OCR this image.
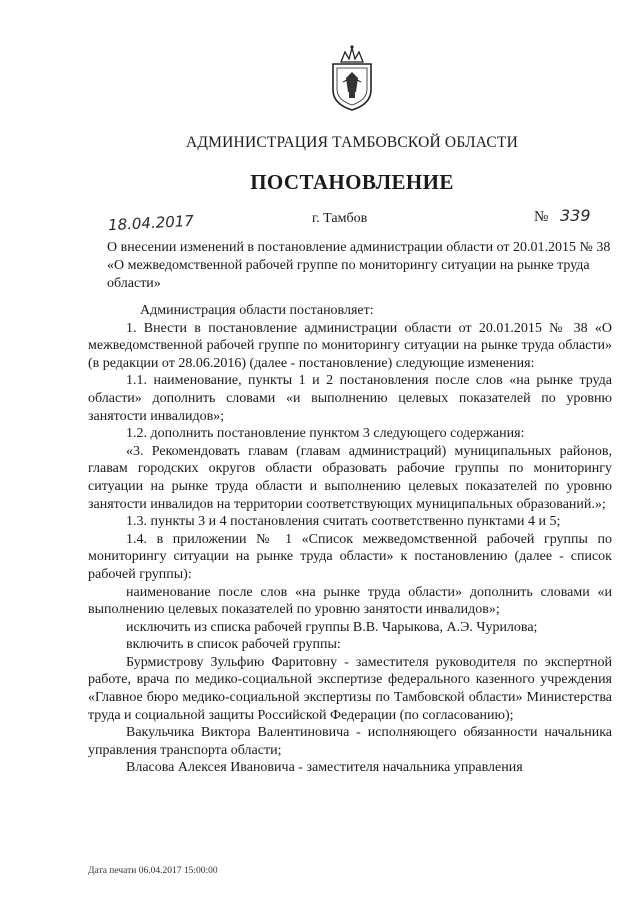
АДМИНИСТРАЦИЯ ТАМБОВСКОЙ ОБЛАСТИ
ПОСТАНОВЛЕНИЕ
18.04.2017	г. Тамбов	№ 339
О внесении изменений в постановление администрации области от 20.01.2015 № 38 «О межведомственной рабочей группе по мониторингу ситуации на рынке труда области»

Администрация области постановляет:

1. Внести в постановление администрации области от 20.01.2015 № 38 «О межведомственной рабочей группе по мониторингу ситуации на рынке труда области» (в редакции от 28.06.2016) (далее - постановление) следующие изменения:

1.1. наименование, пункты 1 и 2 постановления после слов «на рынке труда области» дополнить словами «и выполнению целевых показателей по уровню занятости инвалидов»;

1.2. дополнить постановление пунктом 3 следующего содержания:

«3. Рекомендовать главам (главам администраций) муниципальных районов, главам городских округов области образовать рабочие группы по мониторингу ситуации на рынке труда области и выполнению целевых показателей по уровню занятости инвалидов на территории соответствующих муниципальных образований.»;

1.3. пункты 3 и 4 постановления считать соответственно пунктами 4 и 5;

1.4. в приложении № 1 «Список межведомственной рабочей группы по мониторингу ситуации на рынке труда области» к постановлению (далее - список рабочей группы):

наименование после слов «на рынке труда области» дополнить словами «и выполнению целевых показателей по уровню занятости инвалидов»;

исключить из списка рабочей группы В.В. Чарыкова, А.Э. Чурилова;

включить в список рабочей группы:

Бурмистрову Зульфию Фаритовну - заместителя руководителя по экспертной работе, врача по медико-социальной экспертизе федерального казенного учреждения «Главное бюро медико-социальной экспертизы по Тамбовской области» Министерства труда и социальной защиты Российской Федерации (по согласованию);

Вакульчика Виктора Валентиновича - исполняющего обязанности начальника управления транспорта области;

Власова Алексея Ивановича - заместителя начальника управления

Дата печати 06.04.2017 15:00:00
